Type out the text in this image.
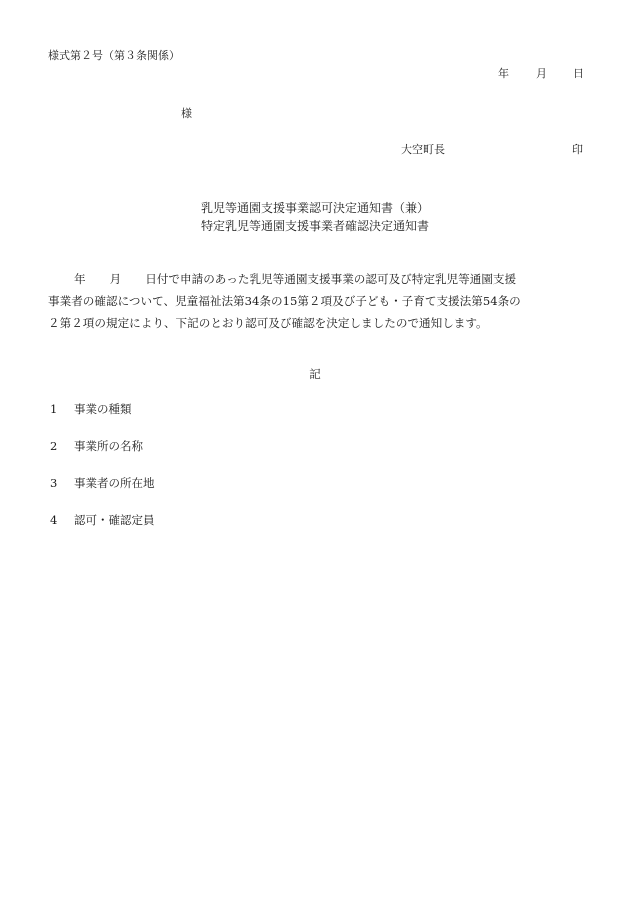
様式第２号（第３条関係）
年 月 日
様
大空町長	印
乳児等通園支援事業認可決定通知書（兼）
特定乳児等通園支援事業者確認決定通知書
年 月 日付で申請のあった乳児等通園支援事業の認可及び特定乳児等通園支援
事業者の確認について、児童福祉法第34条の15第２項及び子ども・子育て支援法第54条の
２第２項の規定により、下記のとおり認可及び確認を決定しましたので通知します。
記
1 事業の種類
2 事業所の名称
3 事業者の所在地
4 認可・確認定員
